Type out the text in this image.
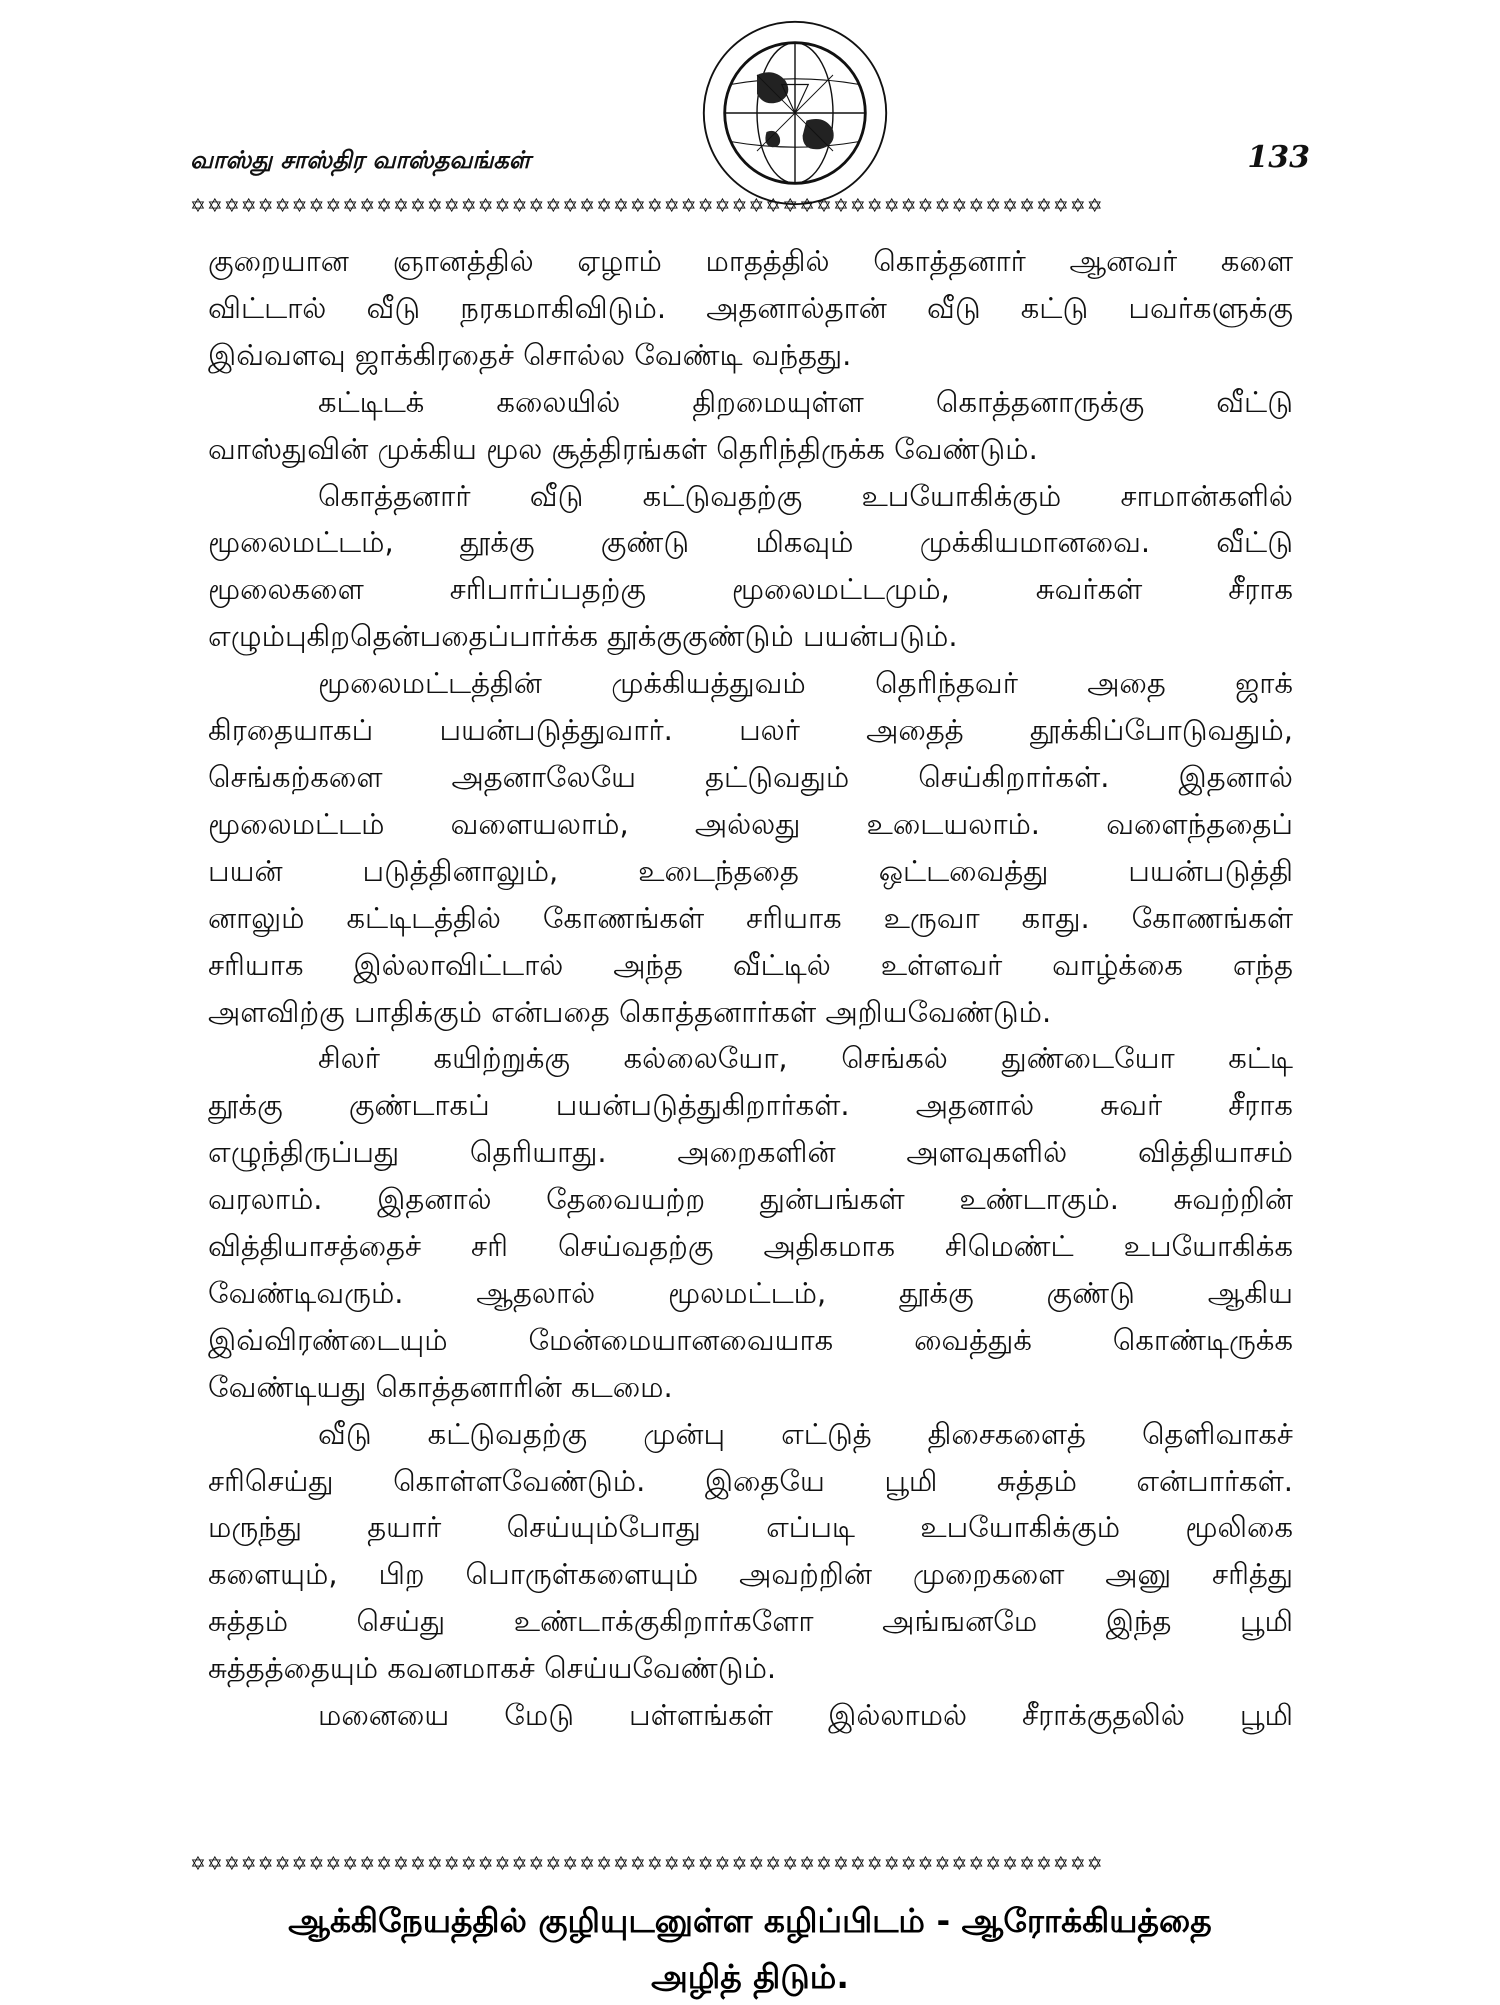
வாஸ்து சாஸ்திர வாஸ்தவங்கள்	133
✡✡✡✡✡✡✡✡✡✡✡✡✡✡✡✡✡✡✡✡✡✡✡✡✡✡✡✡✡✡✡✡✡✡✡✡✡✡✡✡✡✡✡✡✡✡✡✡✡✡✡✡✡✡

குறையான ஞானத்தில் ஏழாம் மாதத்தில் கொத்தனார் ஆனவர் களை

விட்டால் வீடு நரகமாகிவிடும். அதனால்தான் வீடு கட்டு பவர்களுக்கு

இவ்வளவு ஜாக்கிரதைச் சொல்ல வேண்டி வந்தது.

கட்டிடக் கலையில் திறமையுள்ள கொத்தனாருக்கு வீட்டு

வாஸ்துவின் முக்கிய மூல சூத்திரங்கள் தெரிந்திருக்க வேண்டும்.

கொத்தனார் வீடு கட்டுவதற்கு உபயோகிக்கும் சாமான்களில்

மூலைமட்டம், தூக்கு குண்டு மிகவும் முக்கியமானவை. வீட்டு

மூலைகளை சரிபார்ப்பதற்கு மூலைமட்டமும், சுவர்கள் சீராக

எழும்புகிறதென்பதைப்பார்க்க தூக்குகுண்டும் பயன்படும்.

மூலைமட்டத்தின் முக்கியத்துவம் தெரிந்தவர் அதை ஜாக்

கிரதையாகப் பயன்படுத்துவார். பலர் அதைத் தூக்கிப்போடுவதும்,

செங்கற்களை அதனாலேயே தட்டுவதும் செய்கிறார்கள். இதனால்

மூலைமட்டம் வளையலாம், அல்லது உடையலாம். வளைந்ததைப்

பயன் படுத்தினாலும், உடைந்ததை ஒட்டவைத்து பயன்படுத்தி

னாலும் கட்டிடத்தில் கோணங்கள் சரியாக உருவா காது. கோணங்கள்

சரியாக இல்லாவிட்டால் அந்த வீட்டில் உள்ளவர் வாழ்க்கை எந்த

அளவிற்கு பாதிக்கும் என்பதை கொத்தனார்கள் அறியவேண்டும்.

சிலர் கயிற்றுக்கு கல்லையோ, செங்கல் துண்டையோ கட்டி

தூக்கு குண்டாகப் பயன்படுத்துகிறார்கள். அதனால் சுவர் சீராக

எழுந்திருப்பது தெரியாது. அறைகளின் அளவுகளில் வித்தியாசம்

வரலாம். இதனால் தேவையற்ற துன்பங்கள் உண்டாகும். சுவற்றின்

வித்தியாசத்தைச் சரி செய்வதற்கு அதிகமாக சிமெண்ட் உபயோகிக்க

வேண்டிவரும். ஆதலால் மூலமட்டம், தூக்கு குண்டு ஆகிய

இவ்விரண்டையும் மேன்மையானவையாக வைத்துக் கொண்டிருக்க

வேண்டியது கொத்தனாரின் கடமை.

வீடு கட்டுவதற்கு முன்பு எட்டுத் திசைகளைத் தெளிவாகச்

சரிசெய்து கொள்ளவேண்டும். இதையே பூமி சுத்தம் என்பார்கள்.

மருந்து தயார் செய்யும்போது எப்படி உபயோகிக்கும் மூலிகை

களையும், பிற பொருள்களையும் அவற்றின் முறைகளை அனு சரித்து

சுத்தம் செய்து உண்டாக்குகிறார்களோ அங்ஙனமே இந்த பூமி

சுத்தத்தையும் கவனமாகச் செய்யவேண்டும்.

மனையை மேடு பள்ளங்கள் இல்லாமல் சீராக்குதலில் பூமி

✡✡✡✡✡✡✡✡✡✡✡✡✡✡✡✡✡✡✡✡✡✡✡✡✡✡✡✡✡✡✡✡✡✡✡✡✡✡✡✡✡✡✡✡✡✡✡✡✡✡✡✡✡✡
ஆக்கிநேயத்தில் குழியுடனுள்ள கழிப்பிடம் - ஆரோக்கியத்தை
அழித் திடும்.
